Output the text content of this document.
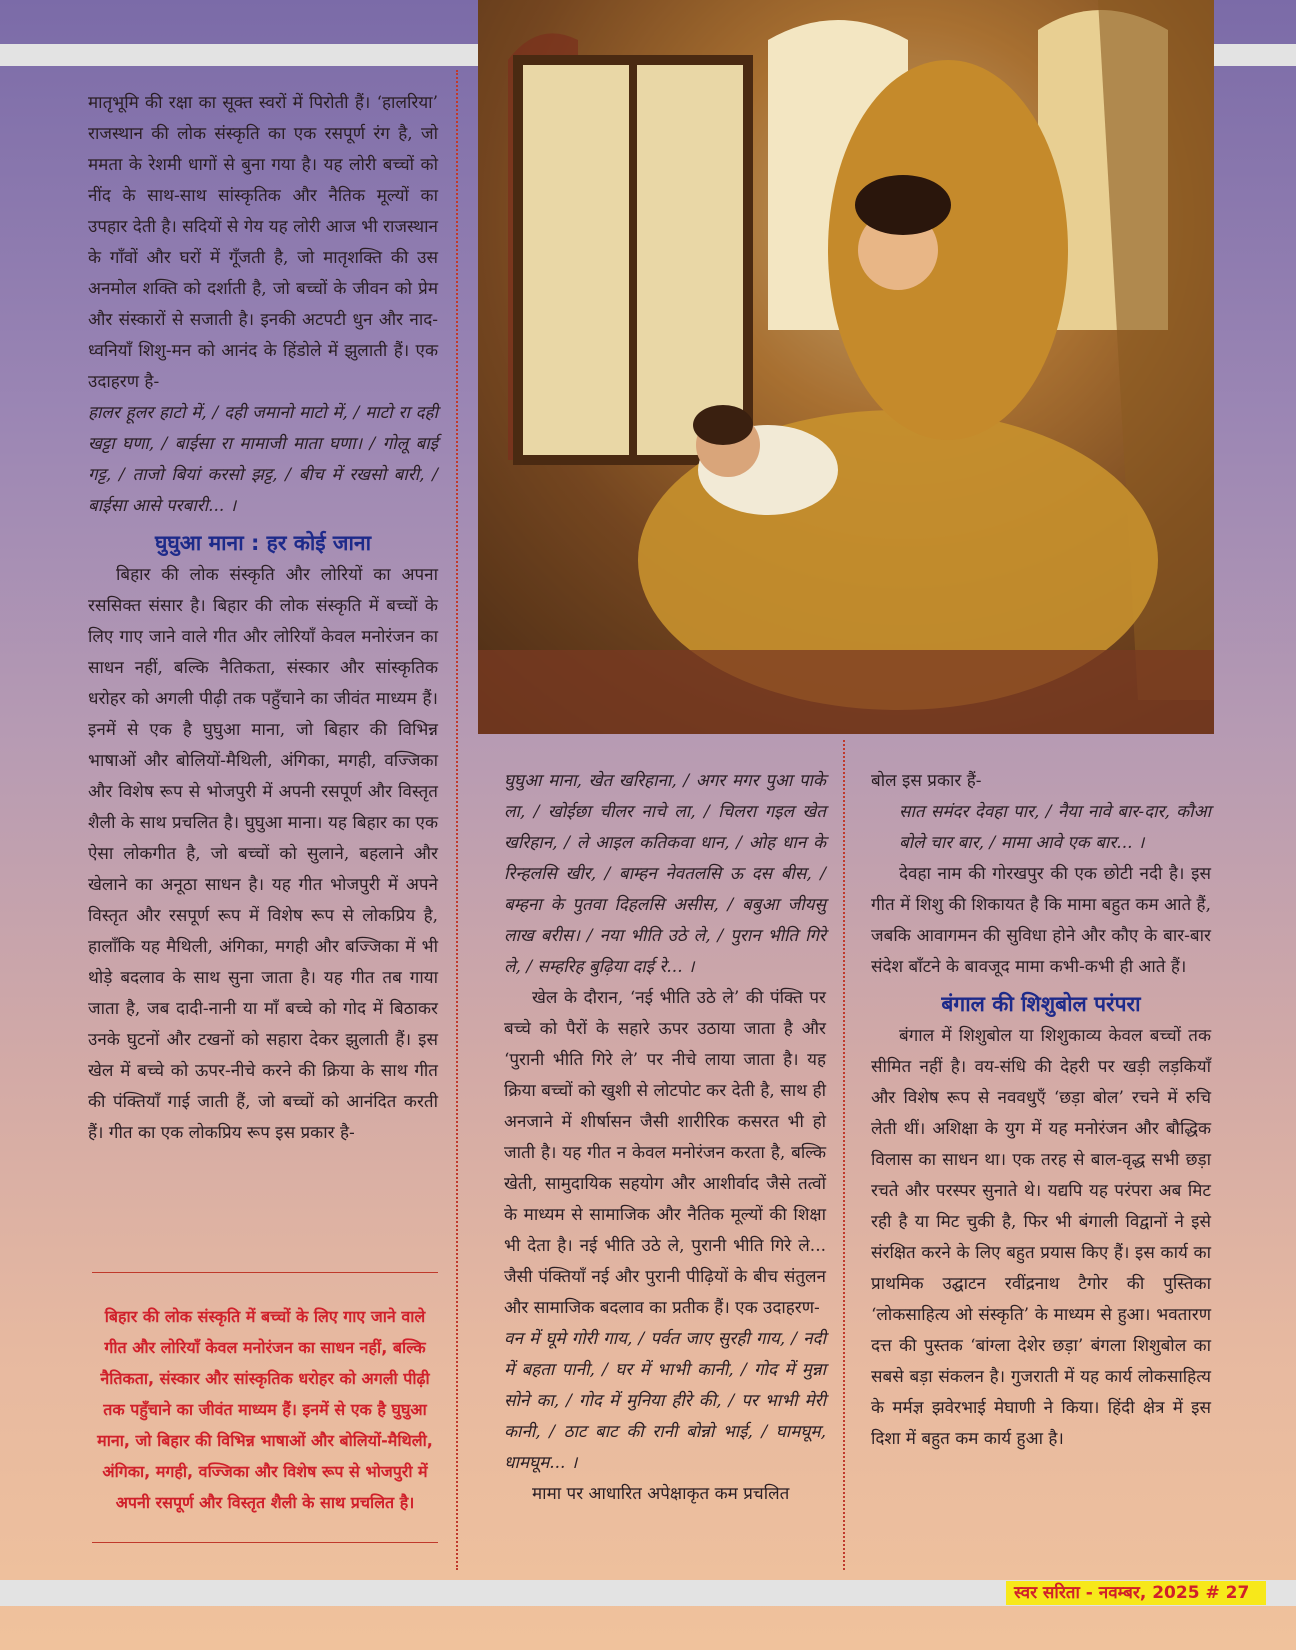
मातृभूमि की रक्षा का सूक्त स्वरों में पिरोती हैं। ‘हालरिया’ राजस्थान की लोक संस्कृति का एक रसपूर्ण रंग है, जो ममता के रेशमी धागों से बुना गया है। यह लोरी बच्चों को नींद के साथ-साथ सांस्कृतिक और नैतिक मूल्यों का उपहार देती है। सदियों से गेय यह लोरी आज भी राजस्थान के गाँवों और घरों में गूँजती है, जो मातृशक्ति की उस अनमोल शक्ति को दर्शाती है, जो बच्चों के जीवन को प्रेम और संस्कारों से सजाती है। इनकी अटपटी धुन और नाद-ध्वनियाँ शिशु-मन को आनंद के हिंडोले में झुलाती हैं। एक उदाहरण है-

हालर हूलर हाटो में, / दही जमानो माटो में, / माटो रा दही खट्टा घणा, / बाईसा रा मामाजी माता घणा। / गोलू बाई गट्ट, / ताजो बियां करसो झट्ट, / बीच में रखसो बारी, / बाईसा आसे परबारी... ।

घुघुआ माना : हर कोई जाना

बिहार की लोक संस्कृति और लोरियों का अपना रससिक्त संसार है। बिहार की लोक संस्कृति में बच्चों के लिए गाए जाने वाले गीत और लोरियाँ केवल मनोरंजन का साधन नहीं, बल्कि नैतिकता, संस्कार और सांस्कृतिक धरोहर को अगली पीढ़ी तक पहुँचाने का जीवंत माध्यम हैं। इनमें से एक है घुघुआ माना, जो बिहार की विभिन्न भाषाओं और बोलियों-मैथिली, अंगिका, मगही, वज्जिका और विशेष रूप से भोजपुरी में अपनी रसपूर्ण और विस्तृत शैली के साथ प्रचलित है। घुघुआ माना। यह बिहार का एक ऐसा लोकगीत है, जो बच्चों को सुलाने, बहलाने और खेलाने का अनूठा साधन है। यह गीत भोजपुरी में अपने विस्तृत और रसपूर्ण रूप में विशेष रूप से लोकप्रिय है, हालाँकि यह मैथिली, अंगिका, मगही और बज्जिका में भी थोड़े बदलाव के साथ सुना जाता है। यह गीत तब गाया जाता है, जब दादी-नानी या माँ बच्चे को गोद में बिठाकर उनके घुटनों और टखनों को सहारा देकर झुलाती हैं। इस खेल में बच्चे को ऊपर-नीचे करने की क्रिया के साथ गीत की पंक्तियाँ गाई जाती हैं, जो बच्चों को आनंदित करती हैं। गीत का एक लोकप्रिय रूप इस प्रकार है-

बिहार की लोक संस्कृति में बच्चों के लिए गाए जाने वाले गीत और लोरियाँ केवल मनोरंजन का साधन नहीं, बल्कि नैतिकता, संस्कार और सांस्कृतिक धरोहर को अगली पीढ़ी तक पहुँचाने का जीवंत माध्यम हैं। इनमें से एक है घुघुआ माना, जो बिहार की विभिन्न भाषाओं और बोलियों-मैथिली, अंगिका, मगही, वज्जिका और विशेष रूप से भोजपुरी में अपनी रसपूर्ण और विस्तृत शैली के साथ प्रचलित है।

घुघुआ माना, खेत खरिहाना, / अगर मगर पुआ पाके ला, / खोईछा चीलर नाचे ला, / चिलरा गइल खेत खरिहान, / ले आइल कतिकवा धान, / ओह धान के रिन्हलसि खीर, / बाम्हन नेवतलसि ऊ दस बीस, / बम्हना के पुतवा दिहलसि असीस, / बबुआ जीयसु लाख बरीस। / नया भीति उठे ले, / पुरान भीति गिरे ले, / सम्हरिह बुढ़िया दाई रे... ।

खेल के दौरान, ‘नई भीति उठे ले’ की पंक्ति पर बच्चे को पैरों के सहारे ऊपर उठाया जाता है और ‘पुरानी भीति गिरे ले’ पर नीचे लाया जाता है। यह क्रिया बच्चों को खुशी से लोटपोट कर देती है, साथ ही अनजाने में शीर्षासन जैसी शारीरिक कसरत भी हो जाती है। यह गीत न केवल मनोरंजन करता है, बल्कि खेती, सामुदायिक सहयोग और आशीर्वाद जैसे तत्वों के माध्यम से सामाजिक और नैतिक मूल्यों की शिक्षा भी देता है। नई भीति उठे ले, पुरानी भीति गिरे ले... जैसी पंक्तियाँ नई और पुरानी पीढ़ियों के बीच संतुलन और सामाजिक बदलाव का प्रतीक हैं। एक उदाहरण-

वन में घूमे गोरी गाय, / पर्वत जाए सुरही गाय, / नदी में बहता पानी, / घर में भाभी कानी, / गोद में मुन्ना सोने का, / गोद में मुनिया हीरे की, / पर भाभी मेरी कानी, / ठाट बाट की रानी बोन्नो भाई, / घामघूम, धामघूम... ।

मामा पर आधारित अपेक्षाकृत कम प्रचलित

बोल इस प्रकार हैं-

सात समंदर देवहा पार, / नैया नावे बार-दार, कौआ बोले चार बार, / मामा आवे एक बार... ।

देवहा नाम की गोरखपुर की एक छोटी नदी है। इस गीत में शिशु की शिकायत है कि मामा बहुत कम आते हैं, जबकि आवागमन की सुविधा होने और कौए के बार-बार संदेश बाँटने के बावजूद मामा कभी-कभी ही आते हैं।

बंगाल की शिशुबोल परंपरा

बंगाल में शिशुबोल या शिशुकाव्य केवल बच्चों तक सीमित नहीं है। वय-संधि की देहरी पर खड़ी लड़कियाँ और विशेष रूप से नववधुएँ ‘छड़ा बोल’ रचने में रुचि लेती थीं। अशिक्षा के युग में यह मनोरंजन और बौद्धिक विलास का साधन था। एक तरह से बाल-वृद्ध सभी छड़ा रचते और परस्पर सुनाते थे। यद्यपि यह परंपरा अब मिट रही है या मिट चुकी है, फिर भी बंगाली विद्वानों ने इसे संरक्षित करने के लिए बहुत प्रयास किए हैं। इस कार्य का प्राथमिक उद्घाटन रवींद्रनाथ टैगोर की पुस्तिका ‘लोकसाहित्य ओ संस्कृति’ के माध्यम से हुआ। भवतारण दत्त की पुस्तक ‘बांग्ला देशेर छड़ा’ बंगला शिशुबोल का सबसे बड़ा संकलन है। गुजराती में यह कार्य लोकसाहित्य के मर्मज्ञ झवेरभाई मेघाणी ने किया। हिंदी क्षेत्र में इस दिशा में बहुत कम कार्य हुआ है।

स्वर सरिता - नवम्बर, 2025 # 27
